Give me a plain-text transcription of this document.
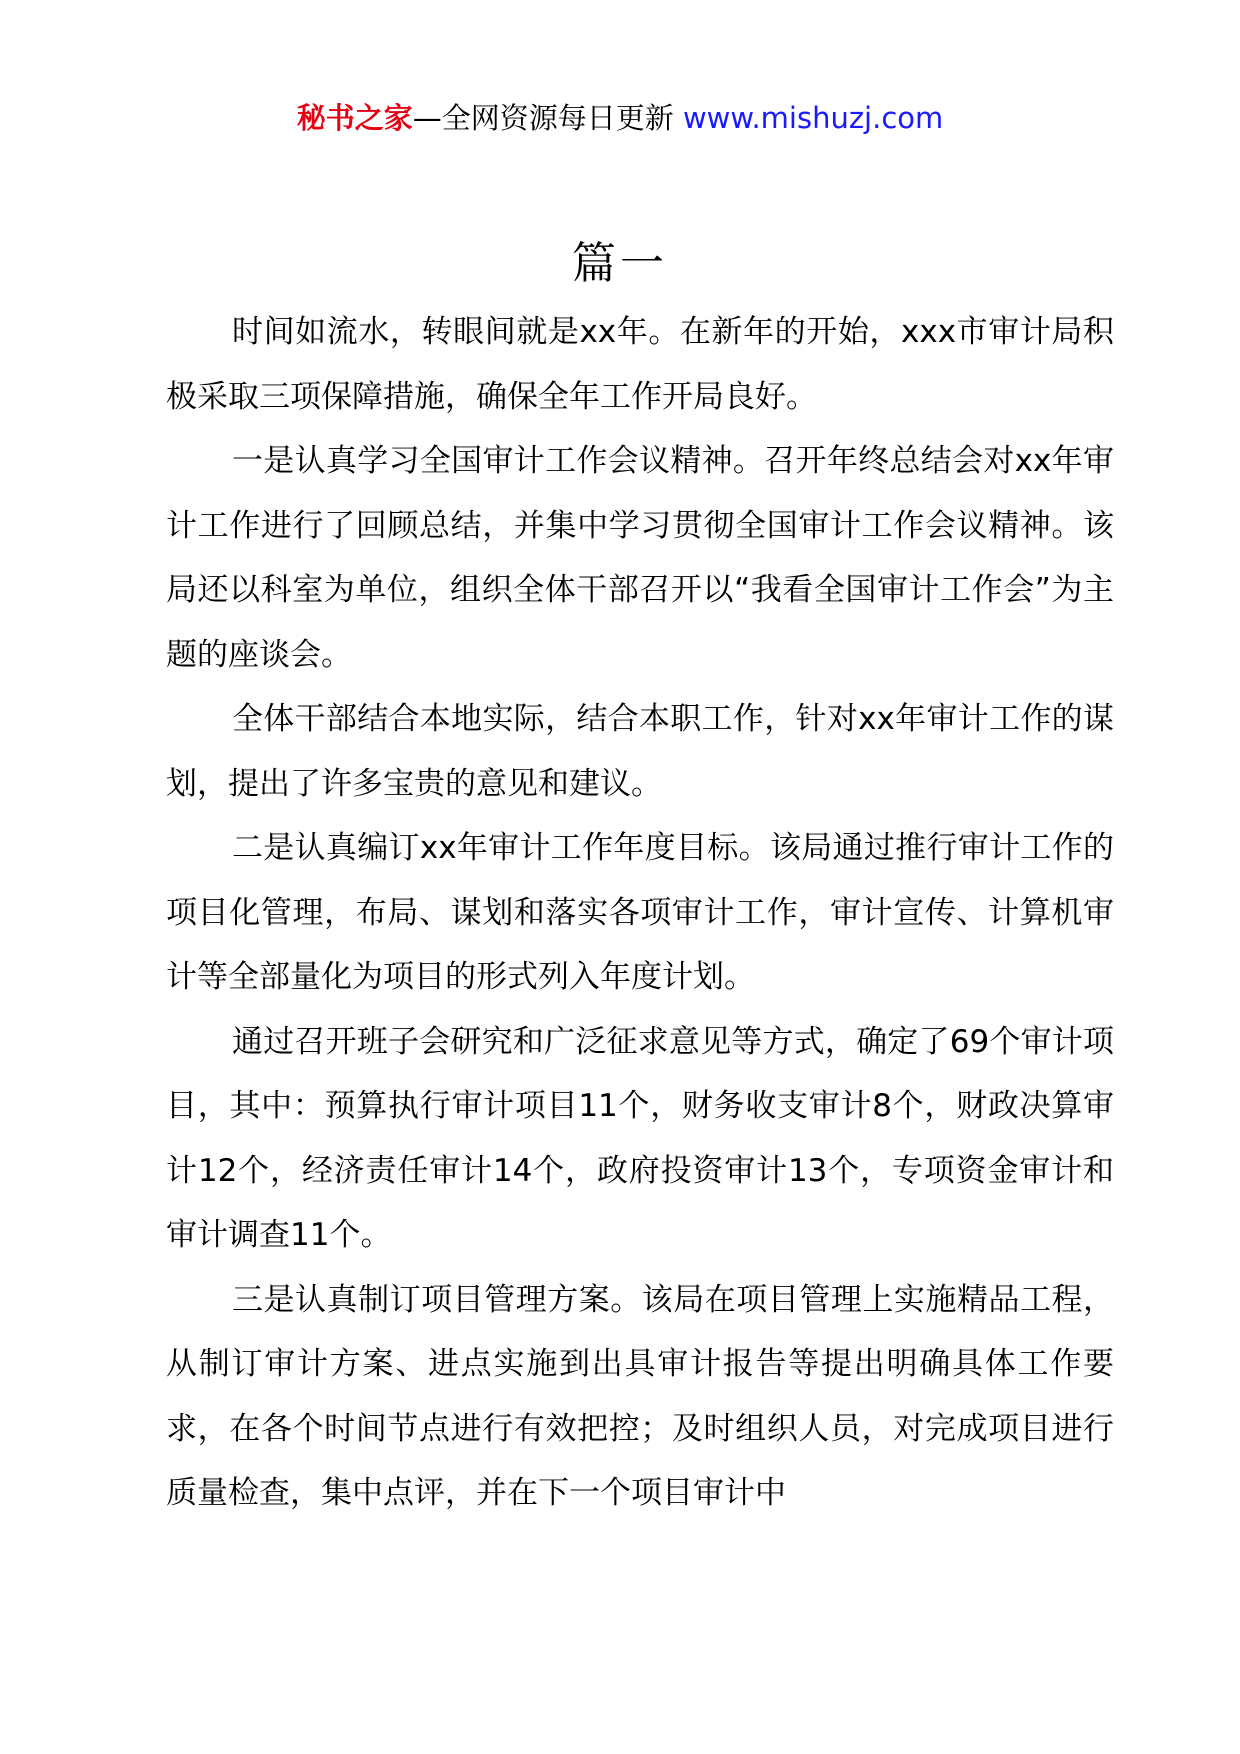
秘书之家—全网资源每日更新 www.mishuzj.com
篇一

时间如流水，转眼间就是xx年。在新年的开始，xxx市审计局积极采取三项保障措施，确保全年工作开局良好。

一是认真学习全国审计工作会议精神。召开年终总结会对xx年审计工作进行了回顾总结，并集中学习贯彻全国审计工作会议精神。该局还以科室为单位，组织全体干部召开以“我看全国审计工作会”为主题的座谈会。

全体干部结合本地实际，结合本职工作，针对xx年审计工作的谋划，提出了许多宝贵的意见和建议。

二是认真编订xx年审计工作年度目标。该局通过推行审计工作的项目化管理，布局、谋划和落实各项审计工作，审计宣传、计算机审计等全部量化为项目的形式列入年度计划。

通过召开班子会研究和广泛征求意见等方式，确定了69个审计项目，其中：预算执行审计项目11个，财务收支审计8个，财政决算审计12个，经济责任审计14个，政府投资审计13个，专项资金审计和审计调查11个。

三是认真制订项目管理方案。该局在项目管理上实施精品工程，从制订审计方案、进点实施到出具审计报告等提出明确具体工作要求，在各个时间节点进行有效把控；及时组织人员，对完成项目进行质量检查，集中点评，并在下一个项目审计中
